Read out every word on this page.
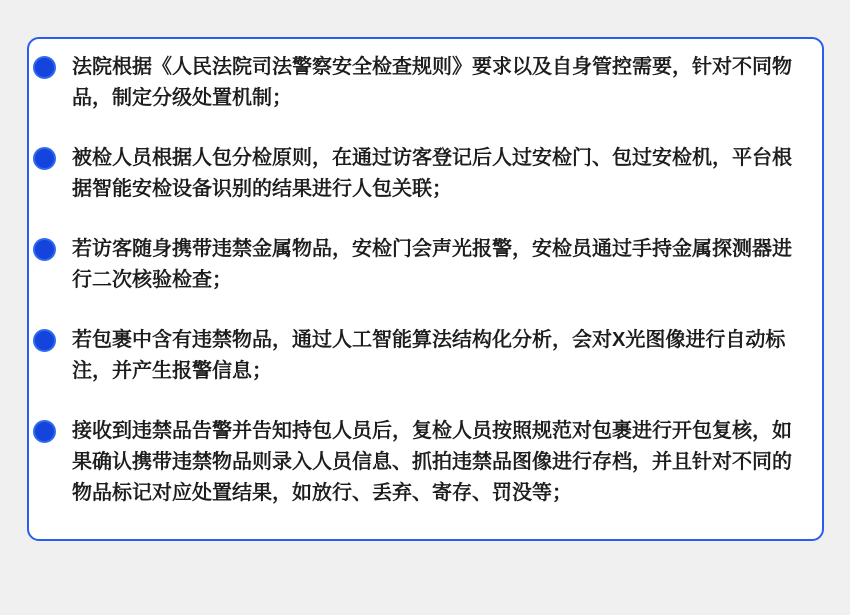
法院根据《人民法院司法警察安全检查规则》要求以及自身管控需要，针对不同物品，制定分级处置机制；
被检人员根据人包分检原则，在通过访客登记后人过安检门、包过安检机，平台根据智能安检设备识别的结果进行人包关联；
若访客随身携带违禁金属物品，安检门会声光报警，安检员通过手持金属探测器进行二次核验检查；
若包裹中含有违禁物品，通过人工智能算法结构化分析，会对X光图像进行自动标注，并产生报警信息；
接收到违禁品告警并告知持包人员后，复检人员按照规范对包裹进行开包复核，如果确认携带违禁物品则录入人员信息、抓拍违禁品图像进行存档，并且针对不同的物品标记对应处置结果，如放行、丢弃、寄存、罚没等；
